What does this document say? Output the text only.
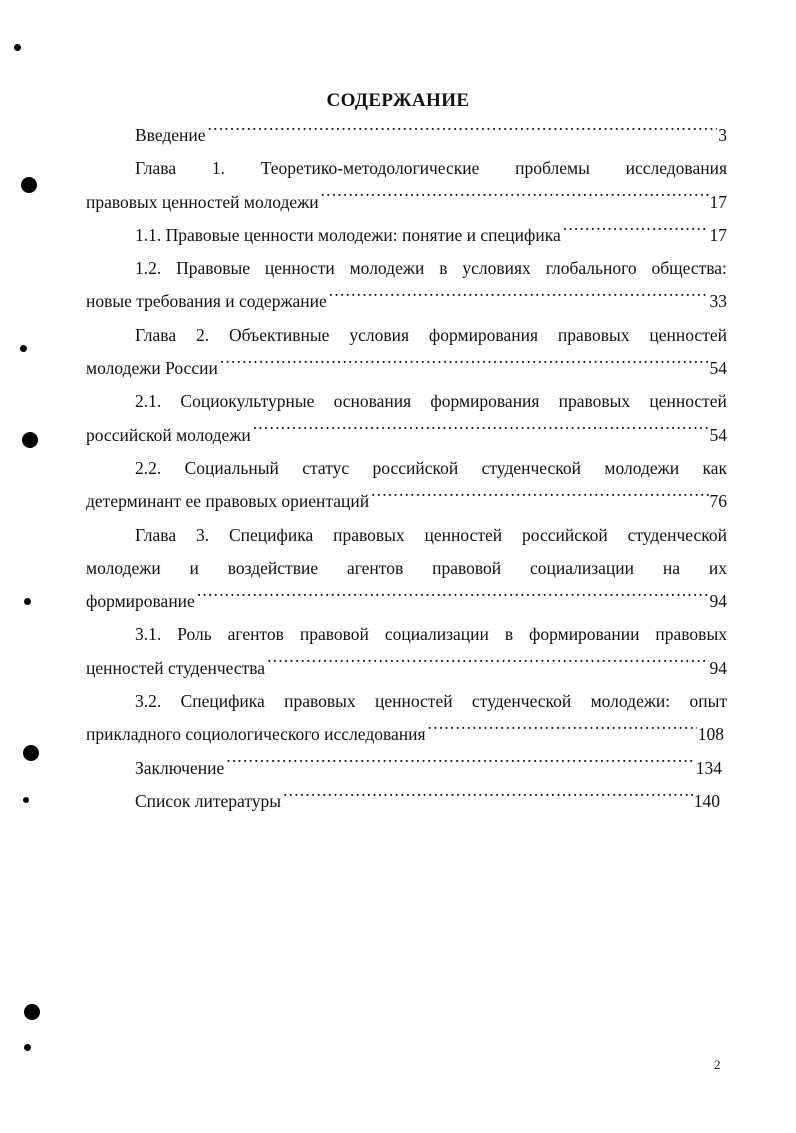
СОДЕРЖАНИЕ
Введение .....	3
Глава 1. Теоретико-методологические проблемы исследования
правовых ценностей молодежи .....	17
1.1. Правовые ценности молодежи: понятие и специфика .....	17
1.2. Правовые ценности молодежи в условиях глобального общества:
новые требования и содержание .....	33
Глава 2. Объективные условия формирования правовых ценностей
молодежи России .....	54
2.1. Социокультурные основания формирования правовых ценностей
российской молодежи .....	54
2.2. Социальный статус российской студенческой молодежи как
детерминант ее правовых ориентаций .....	76
Глава 3. Специфика правовых ценностей российской студенческой
молодежи и воздействие агентов правовой социализации на их
формирование .....	94
3.1. Роль агентов правовой социализации в формировании правовых
ценностей студенчества .....	94
3.2. Специфика правовых ценностей студенческой молодежи: опыт
прикладного социологического исследования .....	108
Заключение .....	134
Список литературы .....	140
2
